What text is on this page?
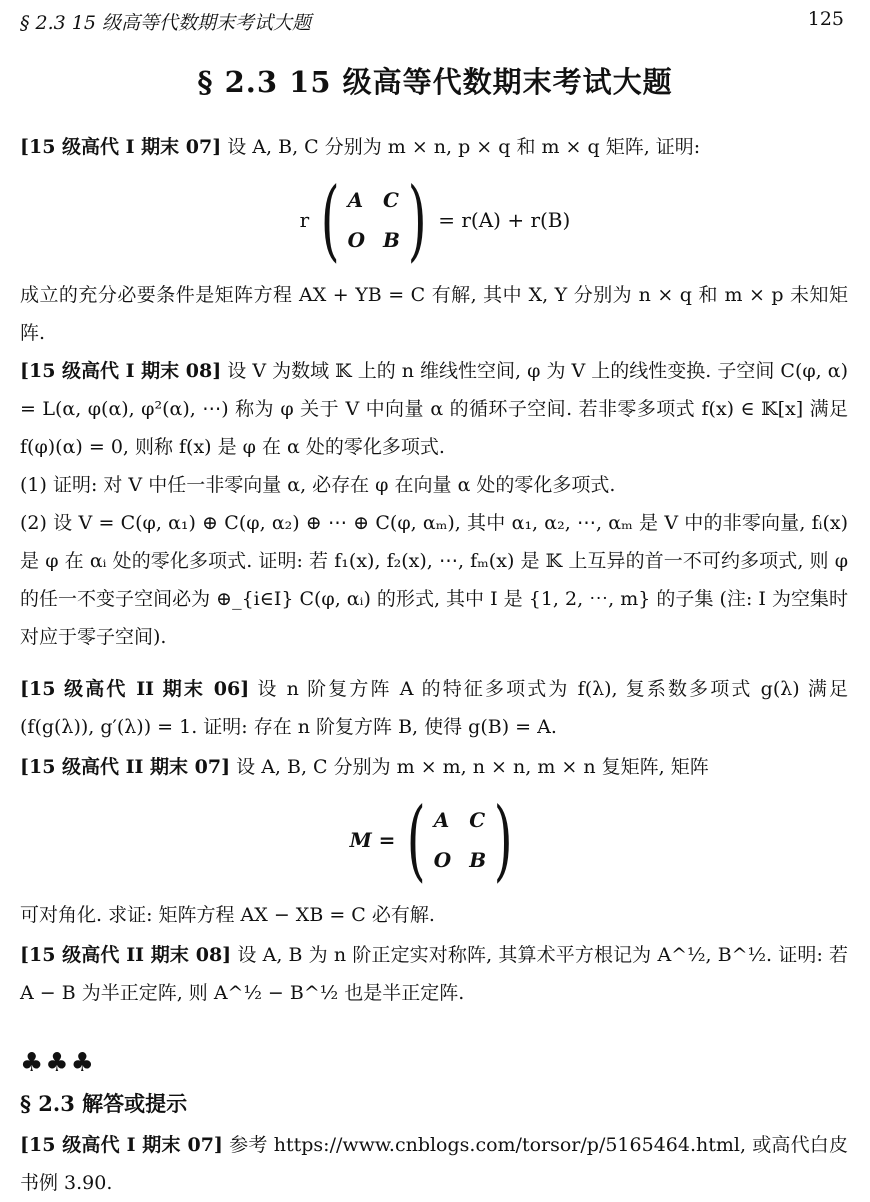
§ 2.3 15 级高等代数期末考试大题	125
§ 2.3 15 级高等代数期末考试大题

[15 级高代 I 期末 07] 设 A, B, C 分别为 m × n, p × q 和 m × q 矩阵, 证明:

r ( A C
O B ) = r(A) + r(B)

成立的充分必要条件是矩阵方程 AX + YB = C 有解, 其中 X, Y 分别为 n × q 和 m × p 未知矩阵.

[15 级高代 I 期末 08] 设 V 为数域 𝕂 上的 n 维线性空间, φ 为 V 上的线性变换. 子空间 C(φ, α) = L(α, φ(α), φ²(α), ⋯) 称为 φ 关于 V 中向量 α 的循环子空间. 若非零多项式 f(x) ∈ 𝕂[x] 满足 f(φ)(α) = 0, 则称 f(x) 是 φ 在 α 处的零化多项式.

(1) 证明: 对 V 中任一非零向量 α, 必存在 φ 在向量 α 处的零化多项式.

(2) 设 V = C(φ, α₁) ⊕ C(φ, α₂) ⊕ ⋯ ⊕ C(φ, αₘ), 其中 α₁, α₂, ⋯, αₘ 是 V 中的非零向量, fᵢ(x) 是 φ 在 αᵢ 处的零化多项式. 证明: 若 f₁(x), f₂(x), ⋯, fₘ(x) 是 𝕂 上互异的首一不可约多项式, 则 φ 的任一不变子空间必为 ⊕_{i∈I} C(φ, αᵢ) 的形式, 其中 I 是 {1, 2, ⋯, m} 的子集 (注: I 为空集时对应于零子空间).

[15 级高代 II 期末 06] 设 n 阶复方阵 A 的特征多项式为 f(λ), 复系数多项式 g(λ) 满足 (f(g(λ)), g′(λ)) = 1. 证明: 存在 n 阶复方阵 B, 使得 g(B) = A.

[15 级高代 II 期末 07] 设 A, B, C 分别为 m × m, n × n, m × n 复矩阵, 矩阵

M = ( A C
O B )

可对角化. 求证: 矩阵方程 AX − XB = C 必有解.

[15 级高代 II 期末 08] 设 A, B 为 n 阶正定实对称阵, 其算术平方根记为 A^½, B^½. 证明: 若 A − B 为半正定阵, 则 A^½ − B^½ 也是半正定阵.

♣♣♣
§ 2.3 解答或提示

[15 级高代 I 期末 07] 参考 https://www.cnblogs.com/torsor/p/5165464.html, 或高代白皮书例 3.90.
